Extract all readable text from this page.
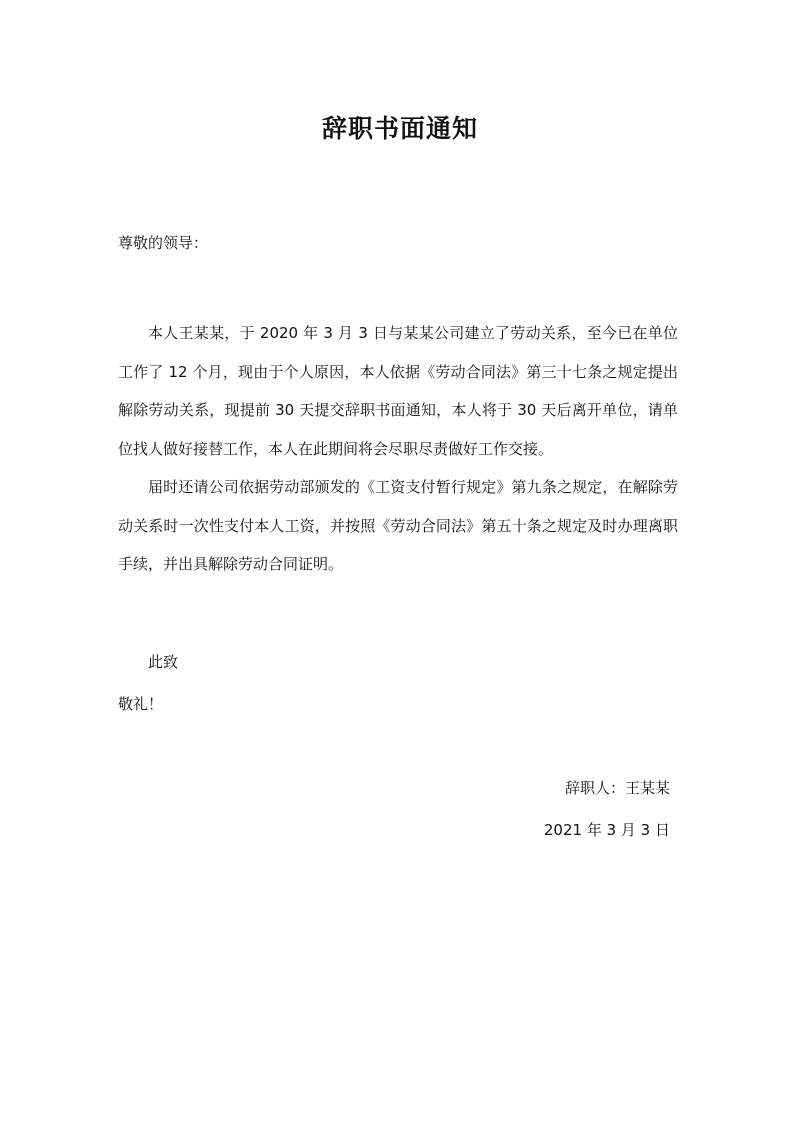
辞职书面通知
尊敬的领导：

本人王某某，于 2020 年 3 月 3 日与某某公司建立了劳动关系，至今已在单位工作了 12 个月，现由于个人原因，本人依据《劳动合同法》第三十七条之规定提出解除劳动关系，现提前 30 天提交辞职书面通知，本人将于 30 天后离开单位，请单位找人做好接替工作，本人在此期间将会尽职尽责做好工作交接。

届时还请公司依据劳动部颁发的《工资支付暂行规定》第九条之规定，在解除劳动关系时一次性支付本人工资，并按照《劳动合同法》第五十条之规定及时办理离职手续，并出具解除劳动合同证明。

此致
敬礼！
辞职人：王某某
2021 年 3 月 3 日
